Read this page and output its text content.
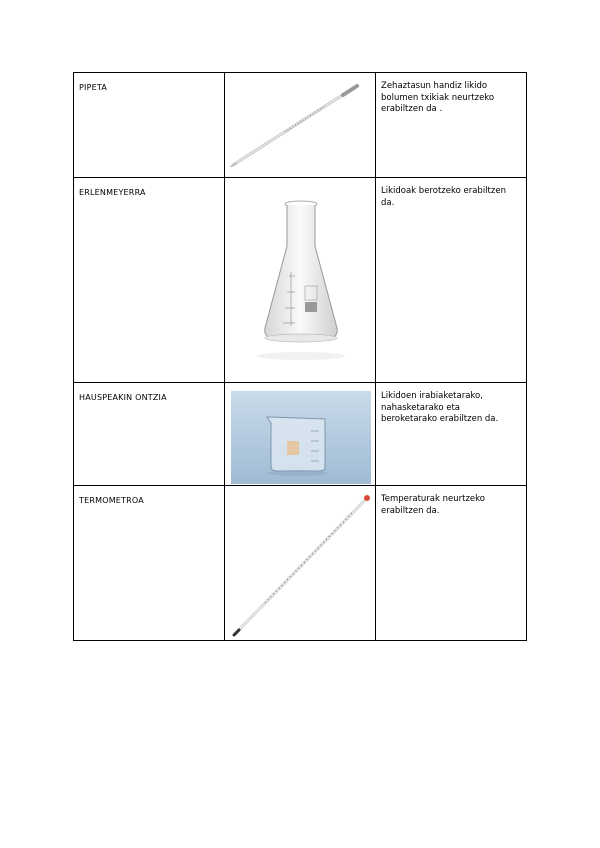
PIPETA		Zehaztasun handiz likido bolumen txikiak neurtzeko erabiltzen da .

ERLENMEYERRA		Likidoak berotzeko erabiltzen da.

HAUSPEAKIN ONTZIA		Likidoen irabiaketarako, nahasketarako eta beroketarako erabiltzen da.

TERMOMETROA		Temperaturak neurtzeko erabiltzen da.
